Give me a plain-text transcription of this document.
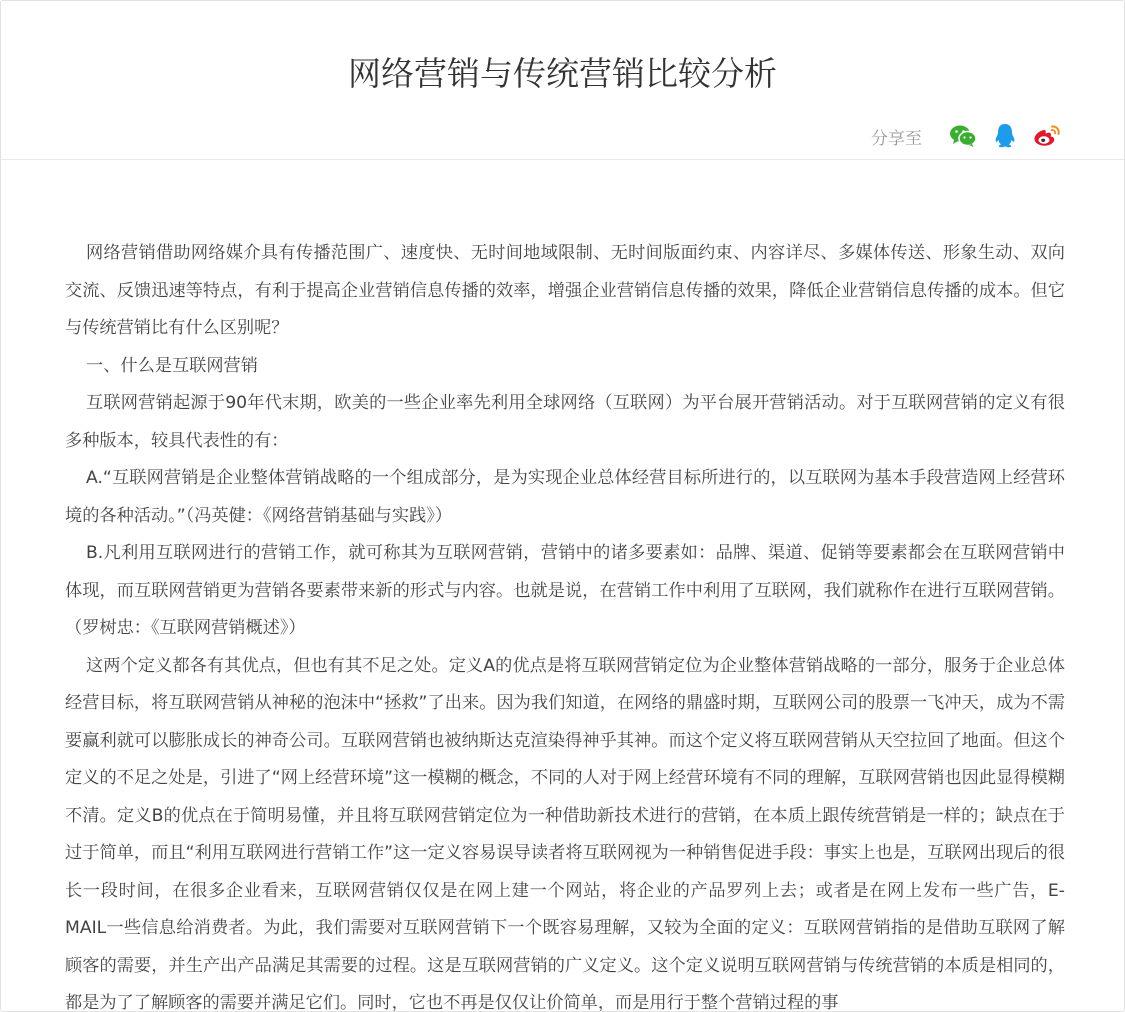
网络营销与传统营销比较分析
分享至

网络营销借助网络媒介具有传播范围广、速度快、无时间地域限制、无时间版面约束、内容详尽、多媒体传送、形象生动、双向交流、反馈迅速等特点，有利于提高企业营销信息传播的效率，增强企业营销信息传播的效果，降低企业营销信息传播的成本。但它与传统营销比有什么区别呢？

一、什么是互联网营销

互联网营销起源于90年代末期，欧美的一些企业率先利用全球网络（互联网）为平台展开营销活动。对于互联网营销的定义有很多种版本，较具代表性的有：

A.“互联网营销是企业整体营销战略的一个组成部分，是为实现企业总体经营目标所进行的，以互联网为基本手段营造网上经营环境的各种活动。”（冯英健：《网络营销基础与实践》）

B.凡利用互联网进行的营销工作，就可称其为互联网营销，营销中的诸多要素如：品牌、渠道、促销等要素都会在互联网营销中体现，而互联网营销更为营销各要素带来新的形式与内容。也就是说，在营销工作中利用了互联网，我们就称作在进行互联网营销。（罗树忠：《互联网营销概述》）

这两个定义都各有其优点，但也有其不足之处。定义A的优点是将互联网营销定位为企业整体营销战略的一部分，服务于企业总体经营目标，将互联网营销从神秘的泡沫中“拯救”了出来。因为我们知道，在网络的鼎盛时期，互联网公司的股票一飞冲天，成为不需要赢利就可以膨胀成长的神奇公司。互联网营销也被纳斯达克渲染得神乎其神。而这个定义将互联网营销从天空拉回了地面。但这个定义的不足之处是，引进了“网上经营环境”这一模糊的概念，不同的人对于网上经营环境有不同的理解，互联网营销也因此显得模糊不清。定义B的优点在于简明易懂，并且将互联网营销定位为一种借助新技术进行的营销，在本质上跟传统营销是一样的；缺点在于过于简单，而且“利用互联网进行营销工作”这一定义容易误导读者将互联网视为一种销售促进手段：事实上也是，互联网出现后的很长一段时间，在很多企业看来，互联网营销仅仅是在网上建一个网站，将企业的产品罗列上去；或者是在网上发布一些广告，E-MAIL一些信息给消费者。为此，我们需要对互联网营销下一个既容易理解，又较为全面的定义：互联网营销指的是借助互联网了解顾客的需要，并生产出产品满足其需要的过程。这是互联网营销的广义定义。这个定义说明互联网营销与传统营销的本质是相同的，都是为了了解顾客的需要并满足它们。同时，它也不再是仅仅让价简单，而是用行于整个营销过程的事
